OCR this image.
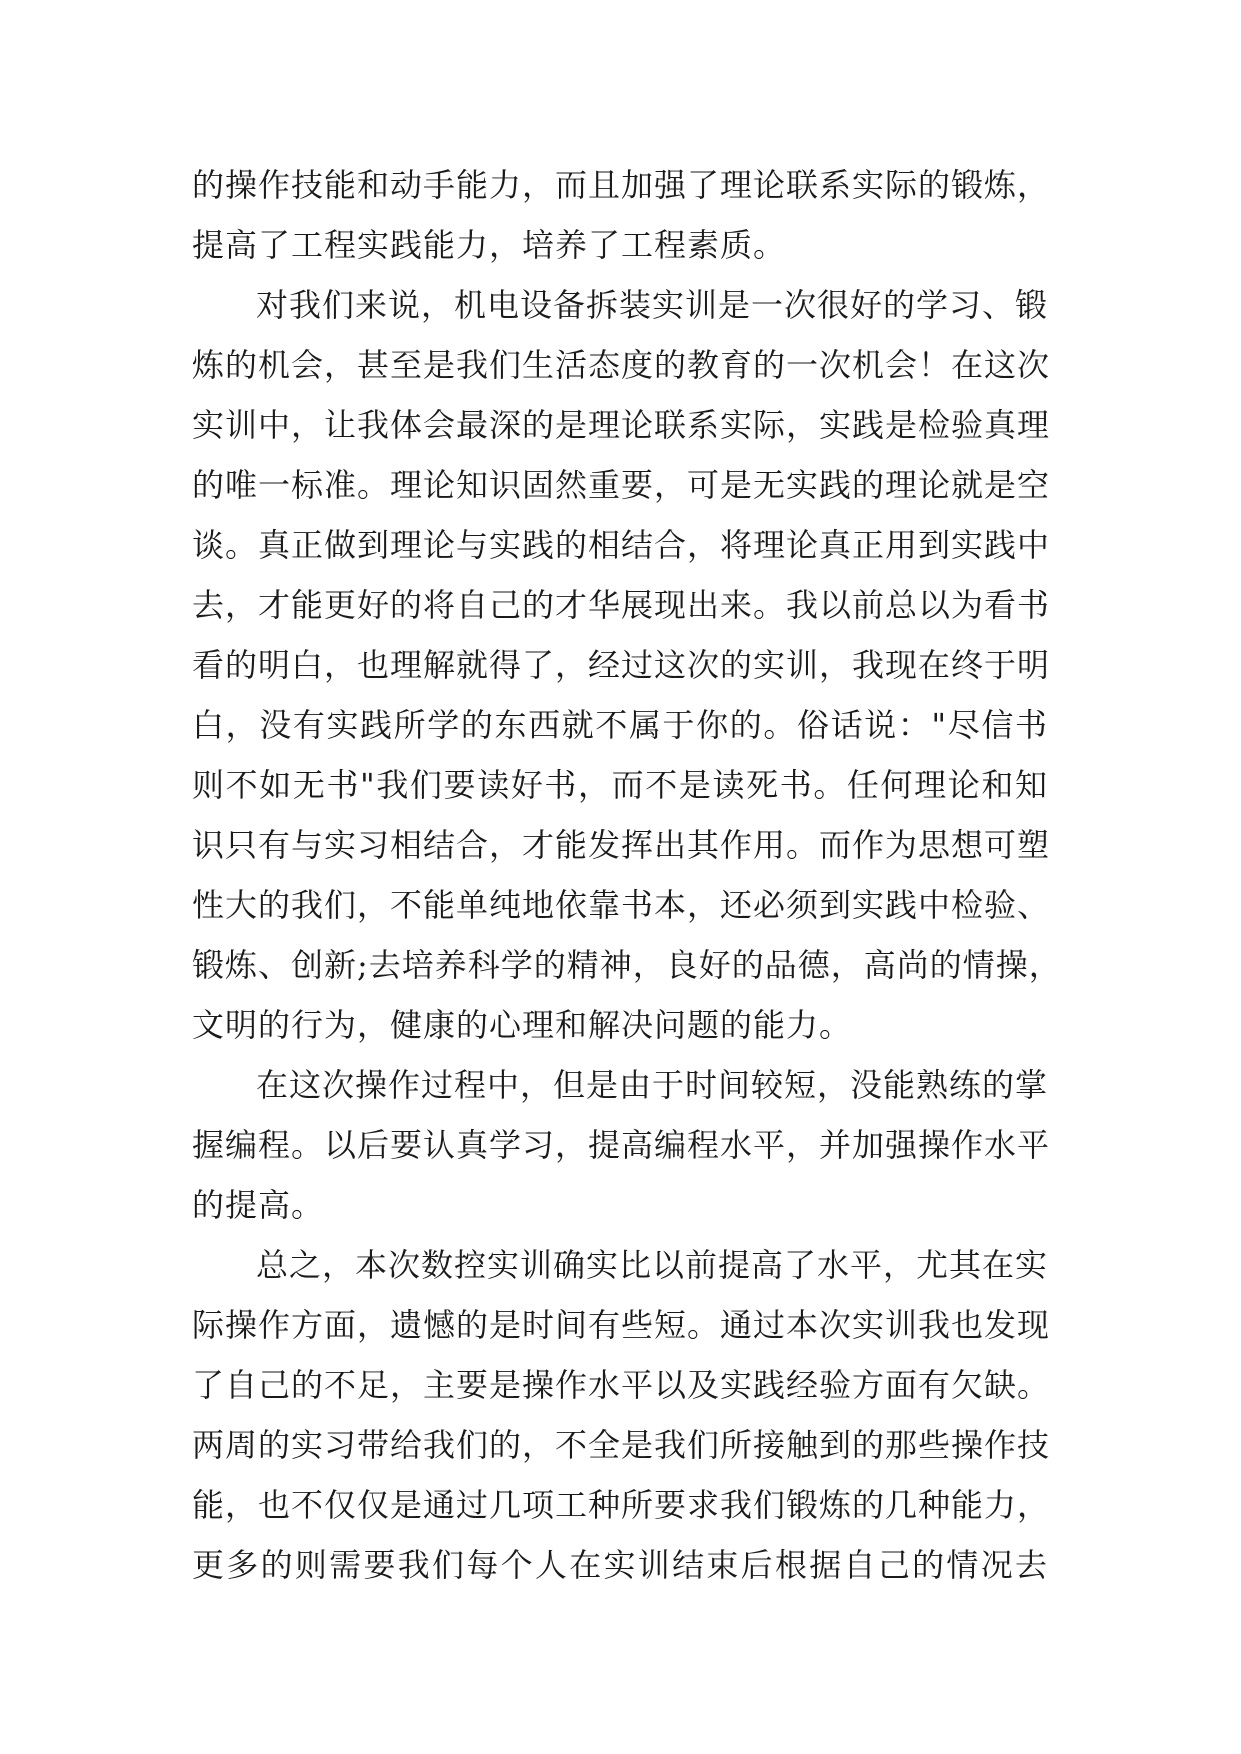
的操作技能和动手能力，而且加强了理论联系实际的锻炼，
提高了工程实践能力，培养了工程素质。
对我们来说，机电设备拆装实训是一次很好的学习、锻
炼的机会，甚至是我们生活态度的教育的一次机会！在这次
实训中，让我体会最深的是理论联系实际，实践是检验真理
的唯一标准。理论知识固然重要，可是无实践的理论就是空
谈。真正做到理论与实践的相结合，将理论真正用到实践中
去，才能更好的将自己的才华展现出来。我以前总以为看书
看的明白，也理解就得了，经过这次的实训，我现在终于明
白，没有实践所学的东西就不属于你的。俗话说："尽信书
则不如无书"我们要读好书，而不是读死书。任何理论和知
识只有与实习相结合，才能发挥出其作用。而作为思想可塑
性大的我们，不能单纯地依靠书本，还必须到实践中检验、
锻炼、创新;去培养科学的精神，良好的品德，高尚的情操，
文明的行为，健康的心理和解决问题的能力。
在这次操作过程中，但是由于时间较短，没能熟练的掌
握编程。以后要认真学习，提高编程水平，并加强操作水平
的提高。
总之，本次数控实训确实比以前提高了水平，尤其在实
际操作方面，遗憾的是时间有些短。通过本次实训我也发现
了自己的不足，主要是操作水平以及实践经验方面有欠缺。
两周的实习带给我们的，不全是我们所接触到的那些操作技
能，也不仅仅是通过几项工种所要求我们锻炼的几种能力，
更多的则需要我们每个人在实训结束后根据自己的情况去
